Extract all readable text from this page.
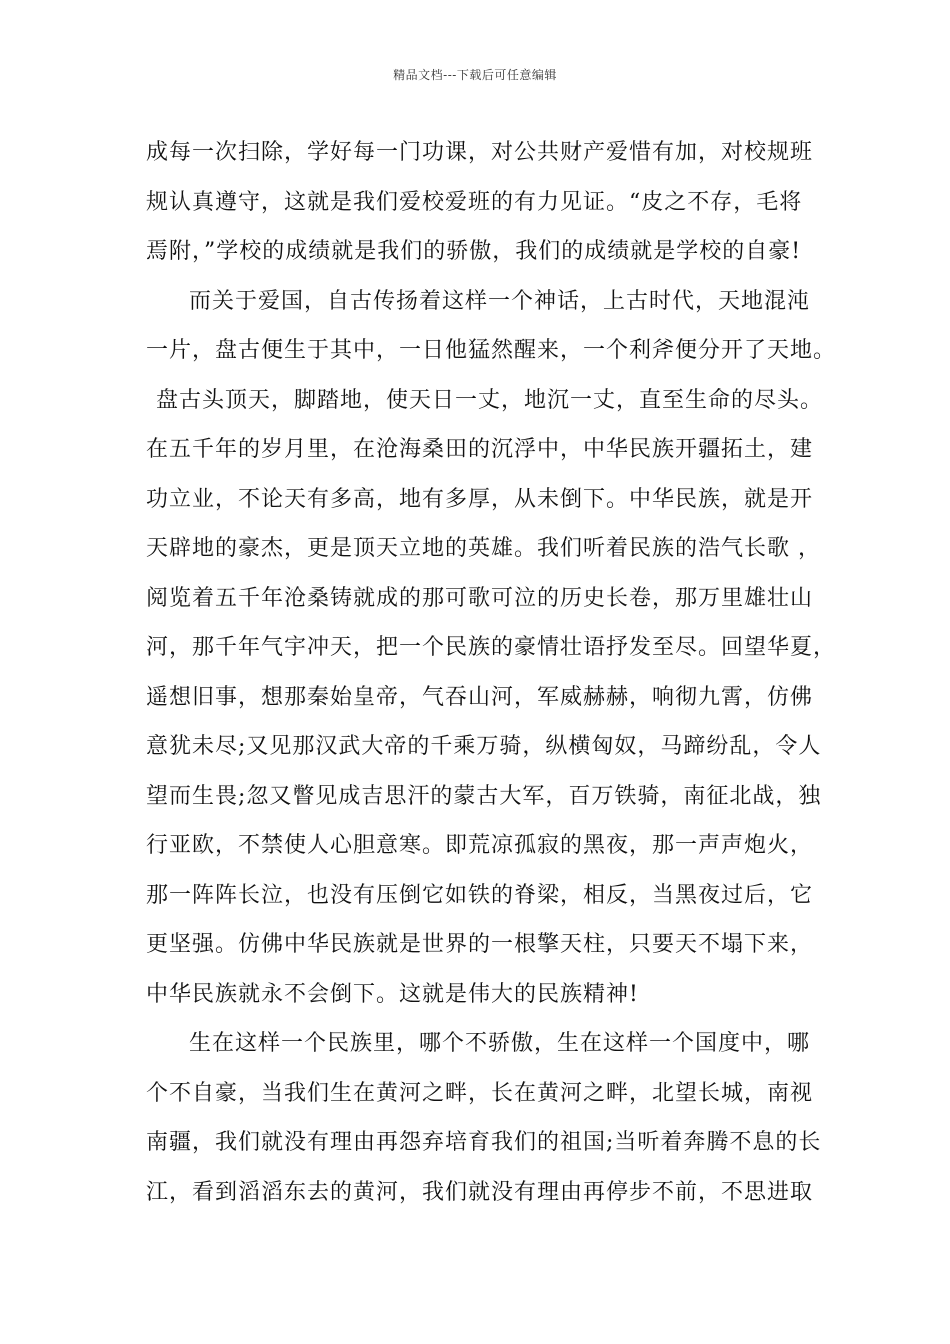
精品文档---下载后可任意编辑
成每一次扫除，学好每一门功课，对公共财产爱惜有加，对校规班
规认真遵守，这就是我们爱校爱班的有力见证。“皮之不存，毛将
焉附，”学校的成绩就是我们的骄傲，我们的成绩就是学校的自豪!
而关于爱国，自古传扬着这样一个神话，上古时代，天地混沌
一片，盘古便生于其中，一日他猛然醒来，一个利斧便分开了天地。
盘古头顶天，脚踏地，使天日一丈，地沉一丈，直至生命的尽头。
在五千年的岁月里，在沧海桑田的沉浮中，中华民族开疆拓土，建
功立业，不论天有多高，地有多厚，从未倒下。中华民族，就是开
天辟地的豪杰，更是顶天立地的英雄。我们听着民族的浩气长歌 ，
阅览着五千年沧桑铸就成的那可歌可泣的历史长卷，那万里雄壮山
河，那千年气宇冲天，把一个民族的豪情壮语抒发至尽。回望华夏，
遥想旧事，想那秦始皇帝，气吞山河，军威赫赫，响彻九霄，仿佛
意犹未尽;又见那汉武大帝的千乘万骑，纵横匈奴，马蹄纷乱，令人
望而生畏;忽又瞥见成吉思汗的蒙古大军，百万铁骑，南征北战，独
行亚欧，不禁使人心胆意寒。即荒凉孤寂的黑夜，那一声声炮火，
那一阵阵长泣，也没有压倒它如铁的脊梁，相反，当黑夜过后，它
更坚强。仿佛中华民族就是世界的一根擎天柱，只要天不塌下来，
中华民族就永不会倒下。这就是伟大的民族精神!
生在这样一个民族里，哪个不骄傲，生在这样一个国度中，哪
个不自豪，当我们生在黄河之畔，长在黄河之畔，北望长城，南视
南疆，我们就没有理由再怨弃培育我们的祖国;当听着奔腾不息的长
江，看到滔滔东去的黄河，我们就没有理由再停步不前，不思进取
